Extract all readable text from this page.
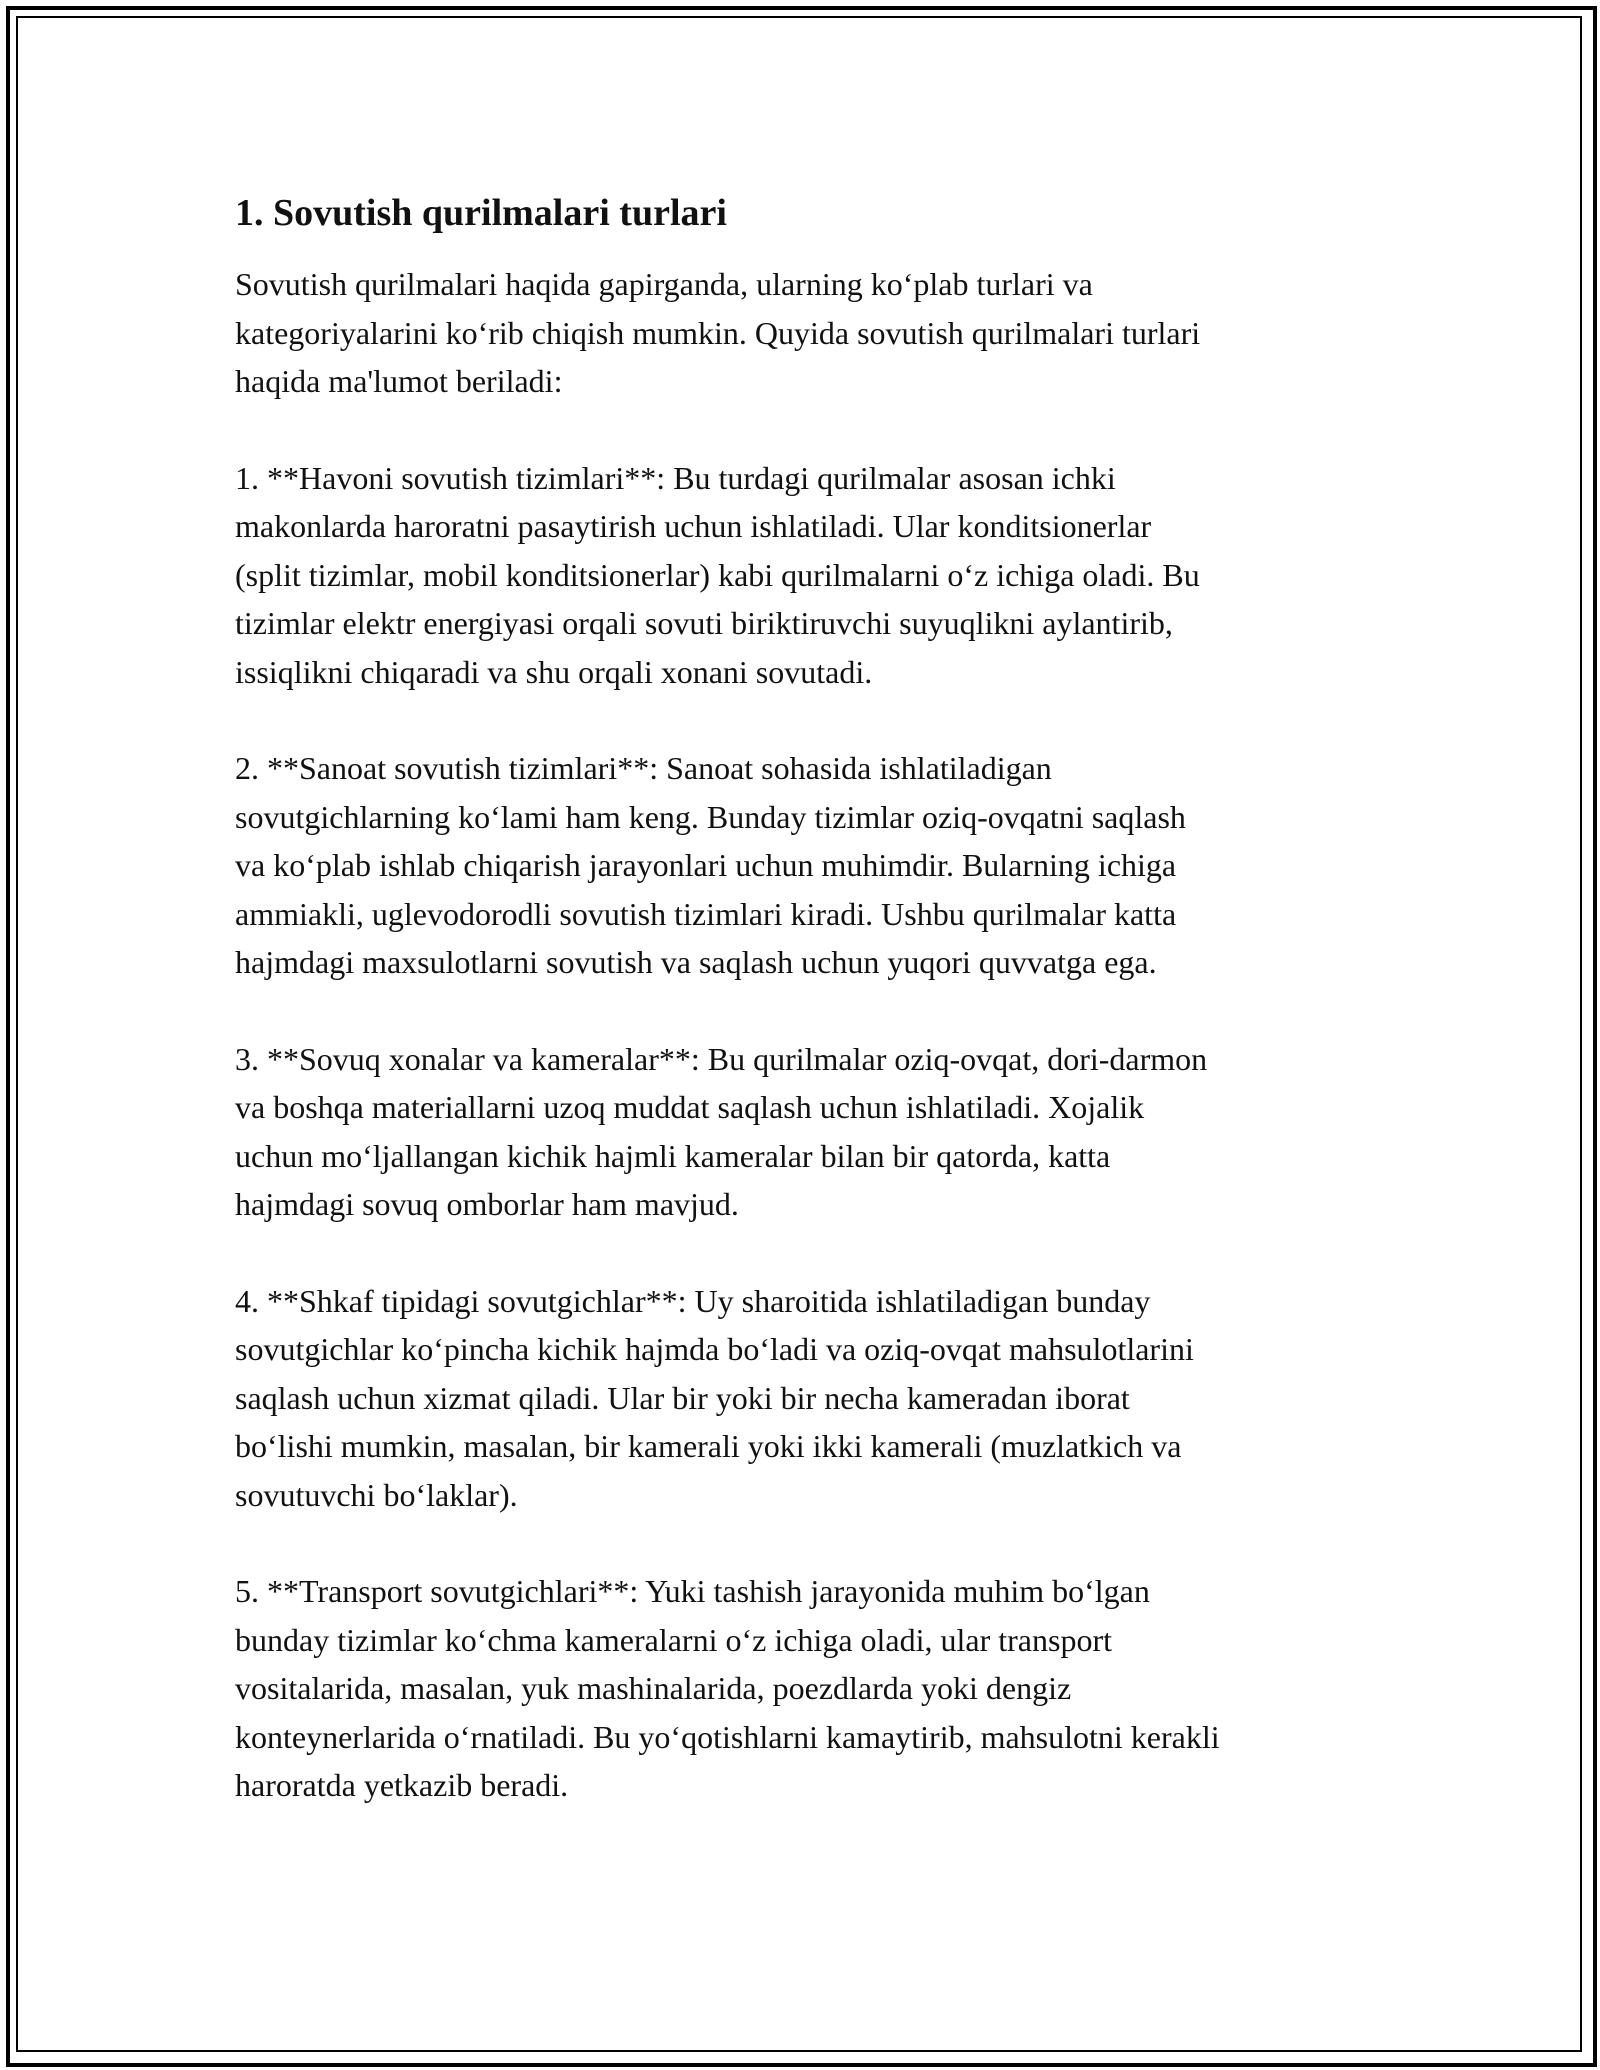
1. Sovutish qurilmalari turlari
Sovutish qurilmalari haqida gapirganda, ularning ko‘plab turlari va
kategoriyalarini ko‘rib chiqish mumkin. Quyida sovutish qurilmalari turlari
haqida ma'lumot beriladi:
1. **Havoni sovutish tizimlari**: Bu turdagi qurilmalar asosan ichki
makonlarda haroratni pasaytirish uchun ishlatiladi. Ular konditsionerlar
(split tizimlar, mobil konditsionerlar) kabi qurilmalarni o‘z ichiga oladi. Bu
tizimlar elektr energiyasi orqali sovuti biriktiruvchi suyuqlikni aylantirib,
issiqlikni chiqaradi va shu orqali xonani sovutadi.
2. **Sanoat sovutish tizimlari**: Sanoat sohasida ishlatiladigan
sovutgichlarning ko‘lami ham keng. Bunday tizimlar oziq-ovqatni saqlash
va ko‘plab ishlab chiqarish jarayonlari uchun muhimdir. Bularning ichiga
ammiakli, uglevodorodli sovutish tizimlari kiradi. Ushbu qurilmalar katta
hajmdagi maxsulotlarni sovutish va saqlash uchun yuqori quvvatga ega.
3. **Sovuq xonalar va kameralar**: Bu qurilmalar oziq-ovqat, dori-darmon
va boshqa materiallarni uzoq muddat saqlash uchun ishlatiladi. Xojalik
uchun mo‘ljallangan kichik hajmli kameralar bilan bir qatorda, katta
hajmdagi sovuq omborlar ham mavjud.
4. **Shkaf tipidagi sovutgichlar**: Uy sharoitida ishlatiladigan bunday
sovutgichlar ko‘pincha kichik hajmda bo‘ladi va oziq-ovqat mahsulotlarini
saqlash uchun xizmat qiladi. Ular bir yoki bir necha kameradan iborat
bo‘lishi mumkin, masalan, bir kamerali yoki ikki kamerali (muzlatkich va
sovutuvchi bo‘laklar).
5. **Transport sovutgichlari**: Yuki tashish jarayonida muhim bo‘lgan
bunday tizimlar ko‘chma kameralarni o‘z ichiga oladi, ular transport
vositalarida, masalan, yuk mashinalarida, poezdlarda yoki dengiz
konteynerlarida o‘rnatiladi. Bu yo‘qotishlarni kamaytirib, mahsulotni kerakli
haroratda yetkazib beradi.
